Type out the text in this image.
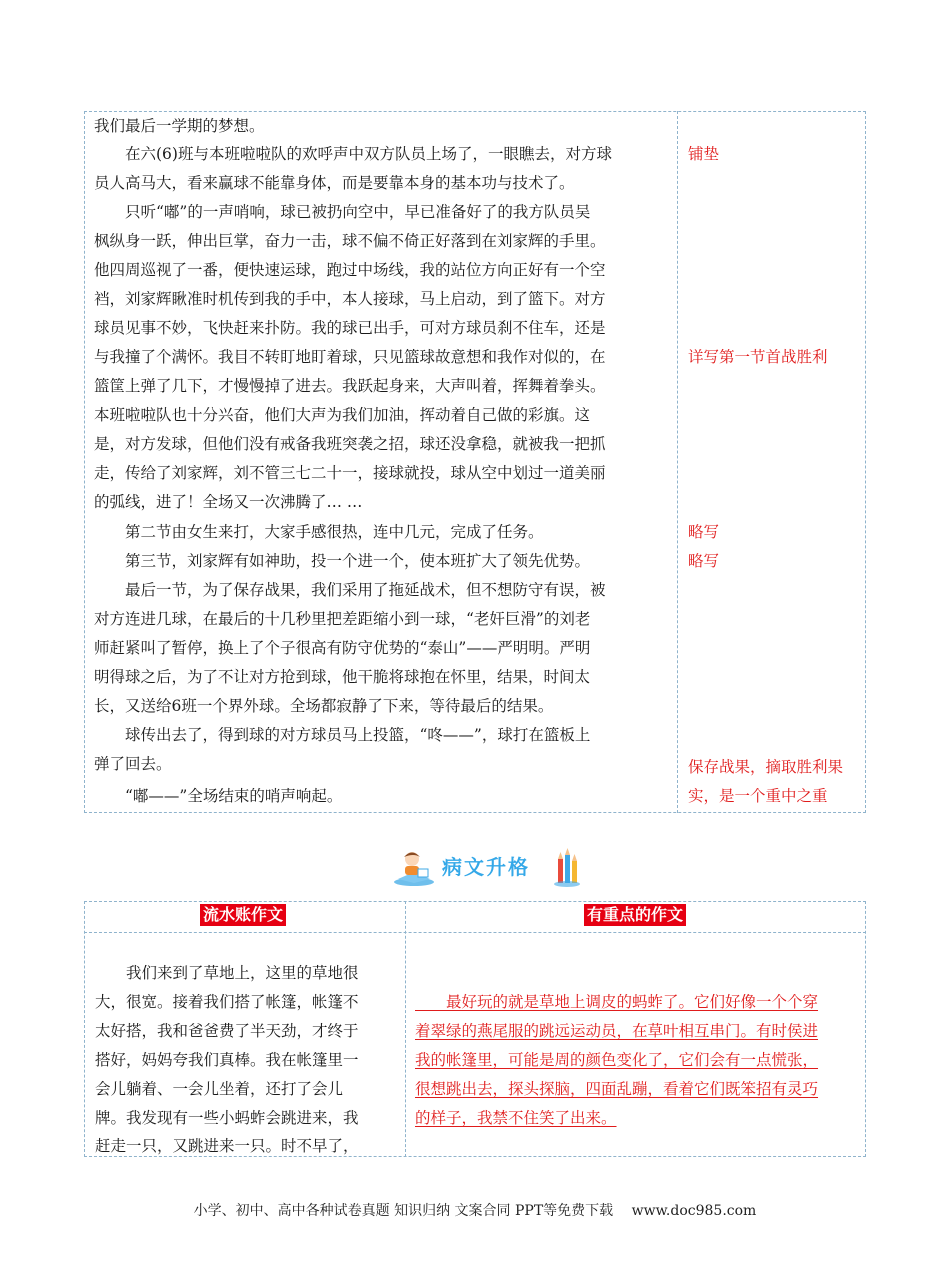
我们最后一学期的梦想。
　　在六(6)班与本班啦啦队的欢呼声中双方队员上场了，一眼瞧去，对方球
员人高马大，看来赢球不能靠身体，而是要靠本身的基本功与技术了。
　　只听“嘟”的一声哨响，球已被扔向空中，早已准备好了的我方队员吴
枫纵身一跃，伸出巨掌，奋力一击，球不偏不倚正好落到在刘家辉的手里。
他四周巡视了一番，便快速运球，跑过中场线，我的站位方向正好有一个空
裆，刘家辉瞅准时机传到我的手中，本人接球，马上启动，到了篮下。对方
球员见事不妙，飞快赶来扑防。我的球已出手，可对方球员刹不住车，还是
与我撞了个满怀。我目不转盯地盯着球，只见篮球故意想和我作对似的，在
篮筐上弹了几下，才慢慢掉了进去。我跃起身来，大声叫着，挥舞着拳头。
本班啦啦队也十分兴奋，他们大声为我们加油，挥动着自己做的彩旗。这
是，对方发球，但他们没有戒备我班突袭之招，球还没拿稳，就被我一把抓
走，传给了刘家辉，刘不管三七二十一，接球就投，球从空中划过一道美丽
的弧线，进了！全场又一次沸腾了… …
　　第二节由女生来打，大家手感很热，连中几元，完成了任务。
　　第三节，刘家辉有如神助，投一个进一个，使本班扩大了领先优势。
　　最后一节，为了保存战果，我们采用了拖延战术，但不想防守有误，被
对方连进几球，在最后的十几秒里把差距缩小到一球，“老奸巨滑”的刘老
师赶紧叫了暂停，换上了个子很高有防守优势的“泰山”——严明明。严明
明得球之后，为了不让对方抢到球，他干脆将球抱在怀里，结果，时间太
长，又送给6班一个界外球。全场都寂静了下来，等待最后的结果。
　　球传出去了，得到球的对方球员马上投篮，“咚——”，球打在篮板上
弹了回去。
　　“嘟——”全场结束的哨声响起。
铺垫
详写第一节首战胜利
略写
略写
保存战果，摘取胜利果
实，是一个重中之重
病文升格
流水账作文	有重点的作文
　　我们来到了草地上，这里的草地很
大，很宽。接着我们搭了帐篷，帐篷不
太好搭，我和爸爸费了半天劲，才终于
搭好，妈妈夸我们真棒。我在帐篷里一
会儿躺着、一会儿坐着，还打了会儿
牌。我发现有一些小蚂蚱会跳进来，我
赶走一只，又跳进来一只。时不早了，
　　最好玩的就是草地上调皮的蚂蚱了。它们好像一个个穿
着翠绿的燕尾服的跳远运动员，在草叶相互串门。有时侯进
我的帐篷里，可能是周的颜色变化了，它们会有一点慌张，
很想跳出去，探头探脑，四面乱蹦，看着它们既笨招有灵巧
的样子，我禁不住笑了出来。
小学、初中、高中各种试卷真题 知识归纳 文案合同 PPT等免费下载　 www.doc985.com
